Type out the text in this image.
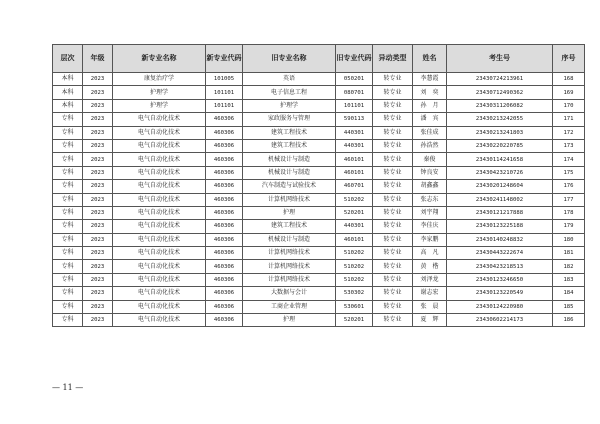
层次	年级	新专业名称	新专业代码	旧专业名称	旧专业代码	异动类型	姓名	考生号	序号
本科	2023	康复治疗学	101005	英语	050201	转专业	李慧霞	23430724213961	168
本科	2023	护理学	101101	电子信息工程	080701	转专业	刘　奕	23430712490362	169
本科	2023	护理学	101101	护理学	101101	转专业	孙　月	23430311206082	170
专科	2023	电气自动化技术	460306	家政服务与管理	590113	转专业	潘　宾	23430213242055	171
专科	2023	电气自动化技术	460306	建筑工程技术	440301	转专业	张佳成	23430213241803	172
专科	2023	电气自动化技术	460306	建筑工程技术	440301	转专业	孙浩然	23430220220785	173
专科	2023	电气自动化技术	460306	机械设计与制造	460101	转专业	秦俊	23430114241658	174
专科	2023	电气自动化技术	460306	机械设计与制造	460101	转专业	钟良安	23430423210726	175
专科	2023	电气自动化技术	460306	汽车制造与试验技术	460701	转专业	胡鑫鑫	23430201248604	176
专科	2023	电气自动化技术	460306	计算机网络技术	510202	转专业	张志东	23430241148002	177
专科	2023	电气自动化技术	460306	护理	520201	转专业	刘宇翔	23430121217888	178
专科	2023	电气自动化技术	460306	建筑工程技术	440301	转专业	李佳庆	23430123225188	179
专科	2023	电气自动化技术	460306	机械设计与制造	460101	转专业	李家鹏	23430140248832	180
专科	2023	电气自动化技术	460306	计算机网络技术	510202	转专业	高　凡	23430443222674	181
专科	2023	电气自动化技术	460306	计算机网络技术	510202	转专业	黄　楷	23430423218513	182
专科	2023	电气自动化技术	460306	计算机网络技术	510202	转专业	刘泽龙	23430123246650	183
专科	2023	电气自动化技术	460306	大数据与会计	530302	转专业	谢志宏	23430123220549	184
专科	2023	电气自动化技术	460306	工商企业管理	530601	转专业	张　晨	23430124220980	185
专科	2023	电气自动化技术	460306	护理	520201	转专业	夏　辉	23430602214173	186
— 11 —
